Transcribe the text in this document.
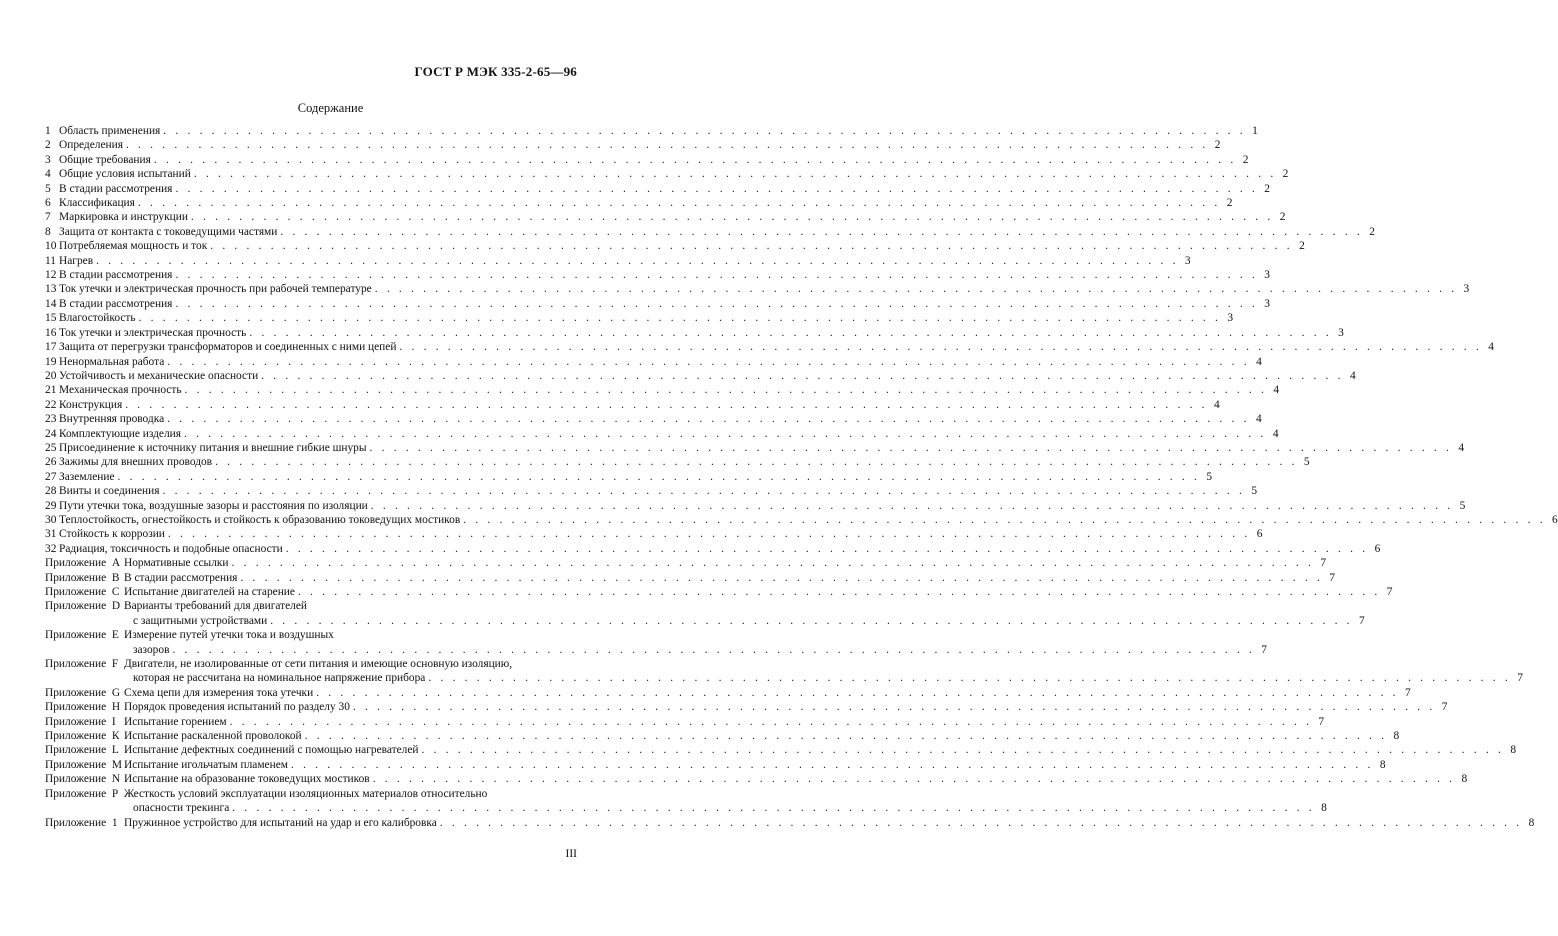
ГОСТ Р МЭК 335-2-65—96
Содержание
1 Область применения . . . . . . . . . . . . . . . . . . . . . . . . . . . . . . . . . . . . . . . . . . . . . . . . . . . . . . . . . . . . . . . . . . . . . . . . . . . . . . . . . . . . . . . . . . 1
2 Определения . . . . . . . . . . . . . . . . . . . . . . . . . . . . . . . . . . . . . . . . . . . . . . . . . . . . . . . . . . . . . . . . . . . . . . . . . . . . . . . . . . . . . . . . . . 2
3 Общие требования . . . . . . . . . . . . . . . . . . . . . . . . . . . . . . . . . . . . . . . . . . . . . . . . . . . . . . . . . . . . . . . . . . . . . . . . . . . . . . . . . . . . . . . . . . 2
4 Общие условия испытаний . . . . . . . . . . . . . . . . . . . . . . . . . . . . . . . . . . . . . . . . . . . . . . . . . . . . . . . . . . . . . . . . . . . . . . . . . . . . . . . . . . . . . . . . . . 2
5 В стадии рассмотрения . . . . . . . . . . . . . . . . . . . . . . . . . . . . . . . . . . . . . . . . . . . . . . . . . . . . . . . . . . . . . . . . . . . . . . . . . . . . . . . . . . . . . . . . . . 2
6 Классификация . . . . . . . . . . . . . . . . . . . . . . . . . . . . . . . . . . . . . . . . . . . . . . . . . . . . . . . . . . . . . . . . . . . . . . . . . . . . . . . . . . . . . . . . . . 2
7 Маркировка и инструкции . . . . . . . . . . . . . . . . . . . . . . . . . . . . . . . . . . . . . . . . . . . . . . . . . . . . . . . . . . . . . . . . . . . . . . . . . . . . . . . . . . . . . . . . . . 2
8 Защита от контакта с токоведущими частями . . . . . . . . . . . . . . . . . . . . . . . . . . . . . . . . . . . . . . . . . . . . . . . . . . . . . . . . . . . . . . . . . . . . . . . . . . . . . . . . . . . . . . . . . . 2
10 Потребляемая мощность и ток . . . . . . . . . . . . . . . . . . . . . . . . . . . . . . . . . . . . . . . . . . . . . . . . . . . . . . . . . . . . . . . . . . . . . . . . . . . . . . . . . . . . . . . . . . 2
11 Нагрев . . . . . . . . . . . . . . . . . . . . . . . . . . . . . . . . . . . . . . . . . . . . . . . . . . . . . . . . . . . . . . . . . . . . . . . . . . . . . . . . . . . . . . . . . . 3
12 В стадии рассмотрения . . . . . . . . . . . . . . . . . . . . . . . . . . . . . . . . . . . . . . . . . . . . . . . . . . . . . . . . . . . . . . . . . . . . . . . . . . . . . . . . . . . . . . . . . . 3
13 Ток утечки и электрическая прочность при рабочей температуре . . . . . . . . . . . . . . . . . . . . . . . . . . . . . . . . . . . . . . . . . . . . . . . . . . . . . . . . . . . . . . . . . . . . . . . . . . . . . . . . . . . . . . . . . . 3
14 В стадии рассмотрения . . . . . . . . . . . . . . . . . . . . . . . . . . . . . . . . . . . . . . . . . . . . . . . . . . . . . . . . . . . . . . . . . . . . . . . . . . . . . . . . . . . . . . . . . . 3
15 Влагостойкость . . . . . . . . . . . . . . . . . . . . . . . . . . . . . . . . . . . . . . . . . . . . . . . . . . . . . . . . . . . . . . . . . . . . . . . . . . . . . . . . . . . . . . . . . . 3
16 Ток утечки и электрическая прочность . . . . . . . . . . . . . . . . . . . . . . . . . . . . . . . . . . . . . . . . . . . . . . . . . . . . . . . . . . . . . . . . . . . . . . . . . . . . . . . . . . . . . . . . . . 3
17 Защита от перегрузки трансформаторов и соединенных с ними цепей . . . . . . . . . . . . . . . . . . . . . . . . . . . . . . . . . . . . . . . . . . . . . . . . . . . . . . . . . . . . . . . . . . . . . . . . . . . . . . . . . . . . . . . . . . 4
19 Ненормальная работа . . . . . . . . . . . . . . . . . . . . . . . . . . . . . . . . . . . . . . . . . . . . . . . . . . . . . . . . . . . . . . . . . . . . . . . . . . . . . . . . . . . . . . . . . . 4
20 Устойчивость и механические опасности . . . . . . . . . . . . . . . . . . . . . . . . . . . . . . . . . . . . . . . . . . . . . . . . . . . . . . . . . . . . . . . . . . . . . . . . . . . . . . . . . . . . . . . . . . 4
21 Механическая прочность . . . . . . . . . . . . . . . . . . . . . . . . . . . . . . . . . . . . . . . . . . . . . . . . . . . . . . . . . . . . . . . . . . . . . . . . . . . . . . . . . . . . . . . . . . 4
22 Конструкция . . . . . . . . . . . . . . . . . . . . . . . . . . . . . . . . . . . . . . . . . . . . . . . . . . . . . . . . . . . . . . . . . . . . . . . . . . . . . . . . . . . . . . . . . . 4
23 Внутренняя проводка . . . . . . . . . . . . . . . . . . . . . . . . . . . . . . . . . . . . . . . . . . . . . . . . . . . . . . . . . . . . . . . . . . . . . . . . . . . . . . . . . . . . . . . . . . 4
24 Комплектующие изделия . . . . . . . . . . . . . . . . . . . . . . . . . . . . . . . . . . . . . . . . . . . . . . . . . . . . . . . . . . . . . . . . . . . . . . . . . . . . . . . . . . . . . . . . . . 4
25 Присоединение к источнику питания и внешние гибкие шнуры . . . . . . . . . . . . . . . . . . . . . . . . . . . . . . . . . . . . . . . . . . . . . . . . . . . . . . . . . . . . . . . . . . . . . . . . . . . . . . . . . . . . . . . . . . 4
26 Зажимы для внешних проводов . . . . . . . . . . . . . . . . . . . . . . . . . . . . . . . . . . . . . . . . . . . . . . . . . . . . . . . . . . . . . . . . . . . . . . . . . . . . . . . . . . . . . . . . . . 5
27 Заземление . . . . . . . . . . . . . . . . . . . . . . . . . . . . . . . . . . . . . . . . . . . . . . . . . . . . . . . . . . . . . . . . . . . . . . . . . . . . . . . . . . . . . . . . . . 5
28 Винты и соединения . . . . . . . . . . . . . . . . . . . . . . . . . . . . . . . . . . . . . . . . . . . . . . . . . . . . . . . . . . . . . . . . . . . . . . . . . . . . . . . . . . . . . . . . . . 5
29 Пути утечки тока, воздушные зазоры и расстояния по изоляции . . . . . . . . . . . . . . . . . . . . . . . . . . . . . . . . . . . . . . . . . . . . . . . . . . . . . . . . . . . . . . . . . . . . . . . . . . . . . . . . . . . . . . . . . . 5
30 Теплостойкость, огнестойкость и стойкость к образованию токоведущих мостиков . . . . . . . . . . . . . . . . . . . . . . . . . . . . . . . . . . . . . . . . . . . . . . . . . . . . . . . . . . . . . . . . . . . . . . . . . . . . . . . . . . . . . . . . . . 6
31 Стойкость к коррозии . . . . . . . . . . . . . . . . . . . . . . . . . . . . . . . . . . . . . . . . . . . . . . . . . . . . . . . . . . . . . . . . . . . . . . . . . . . . . . . . . . . . . . . . . . 6
32 Радиация, токсичность и подобные опасности . . . . . . . . . . . . . . . . . . . . . . . . . . . . . . . . . . . . . . . . . . . . . . . . . . . . . . . . . . . . . . . . . . . . . . . . . . . . . . . . . . . . . . . . . . 6
Приложение А Нормативные ссылки . . . . . . . . . . . . . . . . . . . . . . . . . . . . . . . . . . . . . . . . . . . . . . . . . . . . . . . . . . . . . . . . . . . . . . . . . . . . . . . . . . . . . . . . . . 7
Приложение В В стадии рассмотрения . . . . . . . . . . . . . . . . . . . . . . . . . . . . . . . . . . . . . . . . . . . . . . . . . . . . . . . . . . . . . . . . . . . . . . . . . . . . . . . . . . . . . . . . . . 7
Приложение С Испытание двигателей на старение . . . . . . . . . . . . . . . . . . . . . . . . . . . . . . . . . . . . . . . . . . . . . . . . . . . . . . . . . . . . . . . . . . . . . . . . . . . . . . . . . . . . . . . . . . 7
Приложение D Варианты требований для двигателей
с защитными устройствами . . . . . . . . . . . . . . . . . . . . . . . . . . . . . . . . . . . . . . . . . . . . . . . . . . . . . . . . . . . . . . . . . . . . . . . . . . . . . . . . . . . . . . . . . . 7
Приложение Е Измерение путей утечки тока и воздушных
зазоров . . . . . . . . . . . . . . . . . . . . . . . . . . . . . . . . . . . . . . . . . . . . . . . . . . . . . . . . . . . . . . . . . . . . . . . . . . . . . . . . . . . . . . . . . . 7
Приложение F Двигатели, не изолированные от сети питания и имеющие основную изоляцию,
которая не рассчитана на номинальное напряжение прибора . . . . . . . . . . . . . . . . . . . . . . . . . . . . . . . . . . . . . . . . . . . . . . . . . . . . . . . . . . . . . . . . . . . . . . . . . . . . . . . . . . . . . . . . . . 7
Приложение G Схема цепи для измерения тока утечки . . . . . . . . . . . . . . . . . . . . . . . . . . . . . . . . . . . . . . . . . . . . . . . . . . . . . . . . . . . . . . . . . . . . . . . . . . . . . . . . . . . . . . . . . . 7
Приложение Н Порядок проведения испытаний по разделу 30 . . . . . . . . . . . . . . . . . . . . . . . . . . . . . . . . . . . . . . . . . . . . . . . . . . . . . . . . . . . . . . . . . . . . . . . . . . . . . . . . . . . . . . . . . . 7
Приложение I Испытание горением . . . . . . . . . . . . . . . . . . . . . . . . . . . . . . . . . . . . . . . . . . . . . . . . . . . . . . . . . . . . . . . . . . . . . . . . . . . . . . . . . . . . . . . . . . 7
Приложение К Испытание раскаленной проволокой . . . . . . . . . . . . . . . . . . . . . . . . . . . . . . . . . . . . . . . . . . . . . . . . . . . . . . . . . . . . . . . . . . . . . . . . . . . . . . . . . . . . . . . . . . 8
Приложение L Испытание дефектных соединений с помощью нагревателей . . . . . . . . . . . . . . . . . . . . . . . . . . . . . . . . . . . . . . . . . . . . . . . . . . . . . . . . . . . . . . . . . . . . . . . . . . . . . . . . . . . . . . . . . . 8
Приложение М Испытание игольчатым пламенем . . . . . . . . . . . . . . . . . . . . . . . . . . . . . . . . . . . . . . . . . . . . . . . . . . . . . . . . . . . . . . . . . . . . . . . . . . . . . . . . . . . . . . . . . . 8
Приложение N Испытание на образование токоведущих мостиков . . . . . . . . . . . . . . . . . . . . . . . . . . . . . . . . . . . . . . . . . . . . . . . . . . . . . . . . . . . . . . . . . . . . . . . . . . . . . . . . . . . . . . . . . . 8
Приложение Р Жесткость условий эксплуатации изоляционных материалов относительно
опасности трекинга . . . . . . . . . . . . . . . . . . . . . . . . . . . . . . . . . . . . . . . . . . . . . . . . . . . . . . . . . . . . . . . . . . . . . . . . . . . . . . . . . . . . . . . . . . 8
Приложение 1 Пружинное устройство для испытаний на удар и его калибровка . . . . . . . . . . . . . . . . . . . . . . . . . . . . . . . . . . . . . . . . . . . . . . . . . . . . . . . . . . . . . . . . . . . . . . . . . . . . . . . . . . . . . . . . . . 8
III
